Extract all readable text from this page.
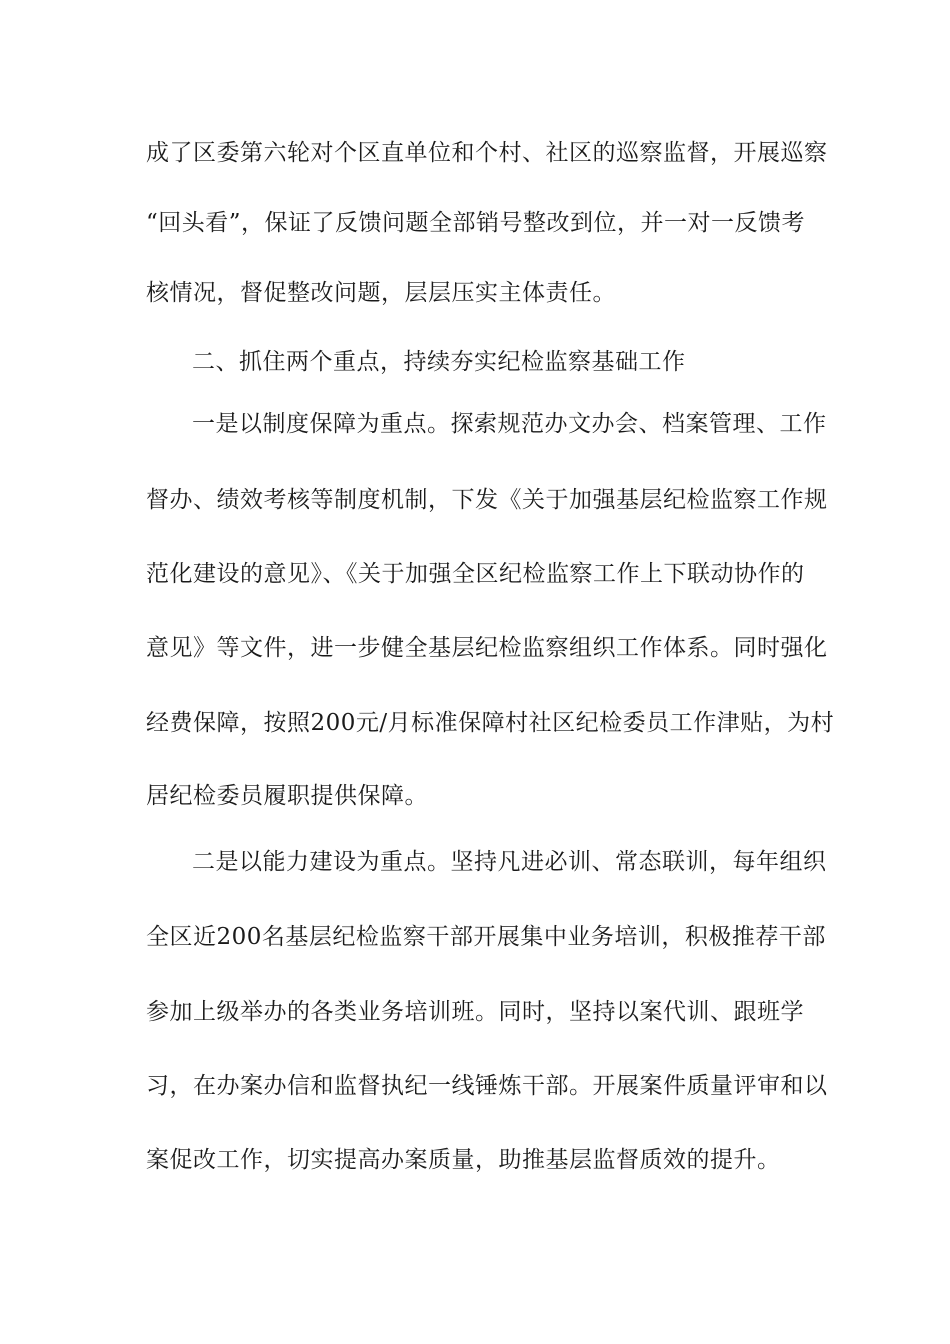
成了区委第六轮对个区直单位和个村、社区的巡察监督，开展巡察
“回头看”，保证了反馈问题全部销号整改到位，并一对一反馈考
核情况，督促整改问题，层层压实主体责任。
二、抓住两个重点，持续夯实纪检监察基础工作
一是以制度保障为重点。探索规范办文办会、档案管理、工作
督办、绩效考核等制度机制，下发《关于加强基层纪检监察工作规
范化建设的意见》、《关于加强全区纪检监察工作上下联动协作的
意见》等文件，进一步健全基层纪检监察组织工作体系。同时强化
经费保障，按照200元/月标准保障村社区纪检委员工作津贴，为村
居纪检委员履职提供保障。
二是以能力建设为重点。坚持凡进必训、常态联训，每年组织
全区近200名基层纪检监察干部开展集中业务培训，积极推荐干部
参加上级举办的各类业务培训班。同时，坚持以案代训、跟班学
习，在办案办信和监督执纪一线锤炼干部。开展案件质量评审和以
案促改工作，切实提高办案质量，助推基层监督质效的提升。
